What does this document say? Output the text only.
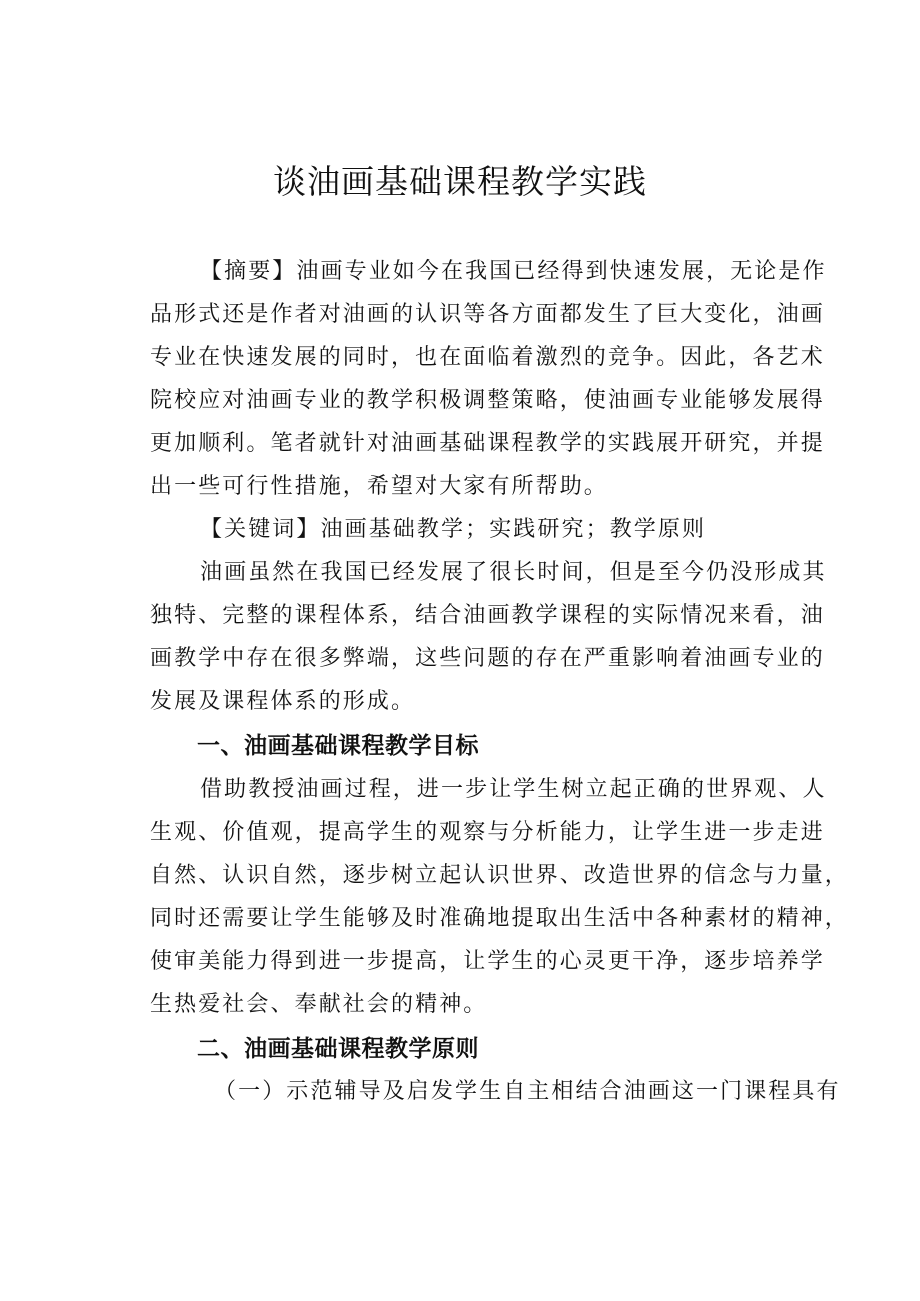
谈油画基础课程教学实践
【摘要】油画专业如今在我国已经得到快速发展，无论是作
品形式还是作者对油画的认识等各方面都发生了巨大变化，油画
专业在快速发展的同时，也在面临着激烈的竞争。因此，各艺术
院校应对油画专业的教学积极调整策略，使油画专业能够发展得
更加顺利。笔者就针对油画基础课程教学的实践展开研究，并提
出一些可行性措施，希望对大家有所帮助。
【关键词】油画基础教学；实践研究；教学原则
油画虽然在我国已经发展了很长时间，但是至今仍没形成其
独特、完整的课程体系，结合油画教学课程的实际情况来看，油
画教学中存在很多弊端，这些问题的存在严重影响着油画专业的
发展及课程体系的形成。
一、油画基础课程教学目标
借助教授油画过程，进一步让学生树立起正确的世界观、人
生观、价值观，提高学生的观察与分析能力，让学生进一步走进
自然、认识自然，逐步树立起认识世界、改造世界的信念与力量，
同时还需要让学生能够及时准确地提取出生活中各种素材的精神，
使审美能力得到进一步提高，让学生的心灵更干净，逐步培养学
生热爱社会、奉献社会的精神。
二、油画基础课程教学原则
（一）示范辅导及启发学生自主相结合油画这一门课程具有
